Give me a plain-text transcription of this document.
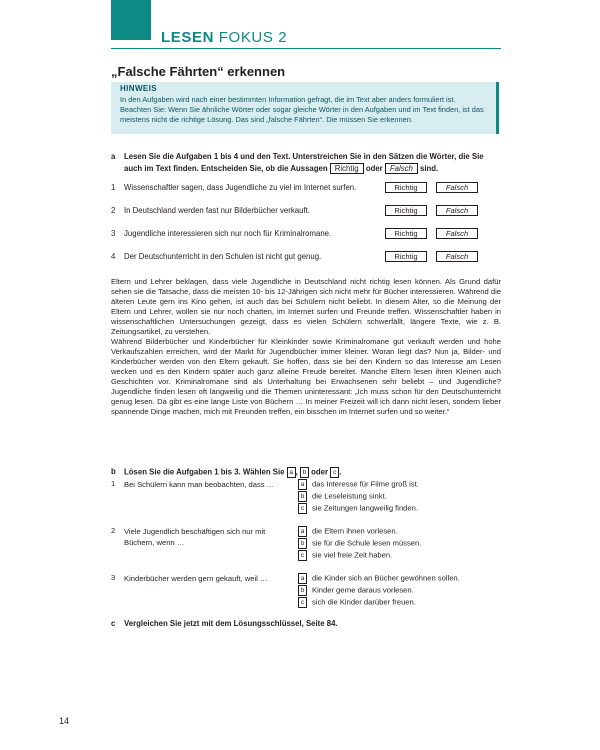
LESEN FOKUS 2
„Falsche Fährten“ erkennen
HINWEIS
In den Aufgaben wird nach einer bestimmten Information gefragt, die im Text aber anders formuliert ist. Beachten Sie: Wenn Sie ähnliche Wörter oder sogar gleiche Wörter in den Aufgaben und im Text finden, ist das meistens nicht die richtige Lösung. Das sind „falsche Fährten“. Die müssen Sie erkennen.
a Lesen Sie die Aufgaben 1 bis 4 und den Text. Unterstreichen Sie in den Sätzen die Wörter, die Sie auch im Text finden. Entscheiden Sie, ob die Aussagen Richtig oder Falsch sind.
1 Wissenschaftler sagen, dass Jugendliche zu viel im Internet surfen.	Richtig	Falsch
2 In Deutschland werden fast nur Bilderbücher verkauft.	Richtig	Falsch
3 Jugendliche interessieren sich nur noch für Kriminalromane.	Richtig	Falsch
4 Der Deutschunterricht in den Schulen ist nicht gut genug.	Richtig	Falsch

Eltern und Lehrer beklagen, dass viele Jugendliche in Deutschland nicht richtig lesen können. Als Grund dafür sehen sie die Tatsache, dass die meisten 10- bis 12-Jährigen sich nicht mehr für Bücher interessieren. Während die älteren Leute gern ins Kino gehen, ist auch das bei Schülern nicht beliebt. In diesem Alter, so die Meinung der Eltern und Lehrer, wollen sie nur noch chatten, im Internet surfen und Freunde treffen. Wissenschaftler haben in wissenschaftlichen Untersuchungen gezeigt, dass es vielen Schülern schwerfällt, längere Texte, wie z. B. Zeitungsartikel, zu verstehen.

Während Bilderbücher und Kinderbücher für Kleinkinder sowie Kriminalromane gut verkauft werden und hohe Verkaufszahlen erreichen, wird der Markt für Jugendbücher immer kleiner. Woran liegt das? Nun ja, Bilder- und Kinderbücher werden von den Eltern gekauft. Sie hoffen, dass sie bei den Kindern so das Interesse am Lesen wecken und es den Kindern später auch ganz alleine Freude bereitet. Manche Eltern lesen ihren Kleinen auch Geschichten vor. Kriminalromane sind als Unterhaltung bei Erwachsenen sehr beliebt – und Jugendliche? Jugendliche finden lesen oft langweilig und die Themen uninteressant: „Ich muss schon für den Deutschunterricht genug lesen. Da gibt es eine lange Liste von Büchern … In meiner Freizeit will ich dann nicht lesen, sondern lieber spannende Dinge machen, mich mit Freunden treffen, ein bisschen im Internet surfen und so weiter.“

b Lösen Sie die Aufgaben 1 bis 3. Wählen Sie a , b oder c .
1 Bei Schülern kann man beobachten, dass …	a das Interesse für Filme groß ist.
b die Leseleistung sinkt.
c sie Zeitungen langweilig finden.
2 Viele Jugendlich beschäftigen sich nur mit Büchern, wenn …
a die Eltern ihnen vorlesen.
b sie für die Schule lesen müssen.
c sie viel freie Zeit haben.
3 Kinderbücher werden gern gekauft, weil …	a die Kinder sich an Bücher gewöhnen sollen.
b Kinder gerne daraus vorlesen.
c sich die Kinder darüber freuen.
c Vergleichen Sie jetzt mit dem Lösungsschlüssel, Seite 84.
14
